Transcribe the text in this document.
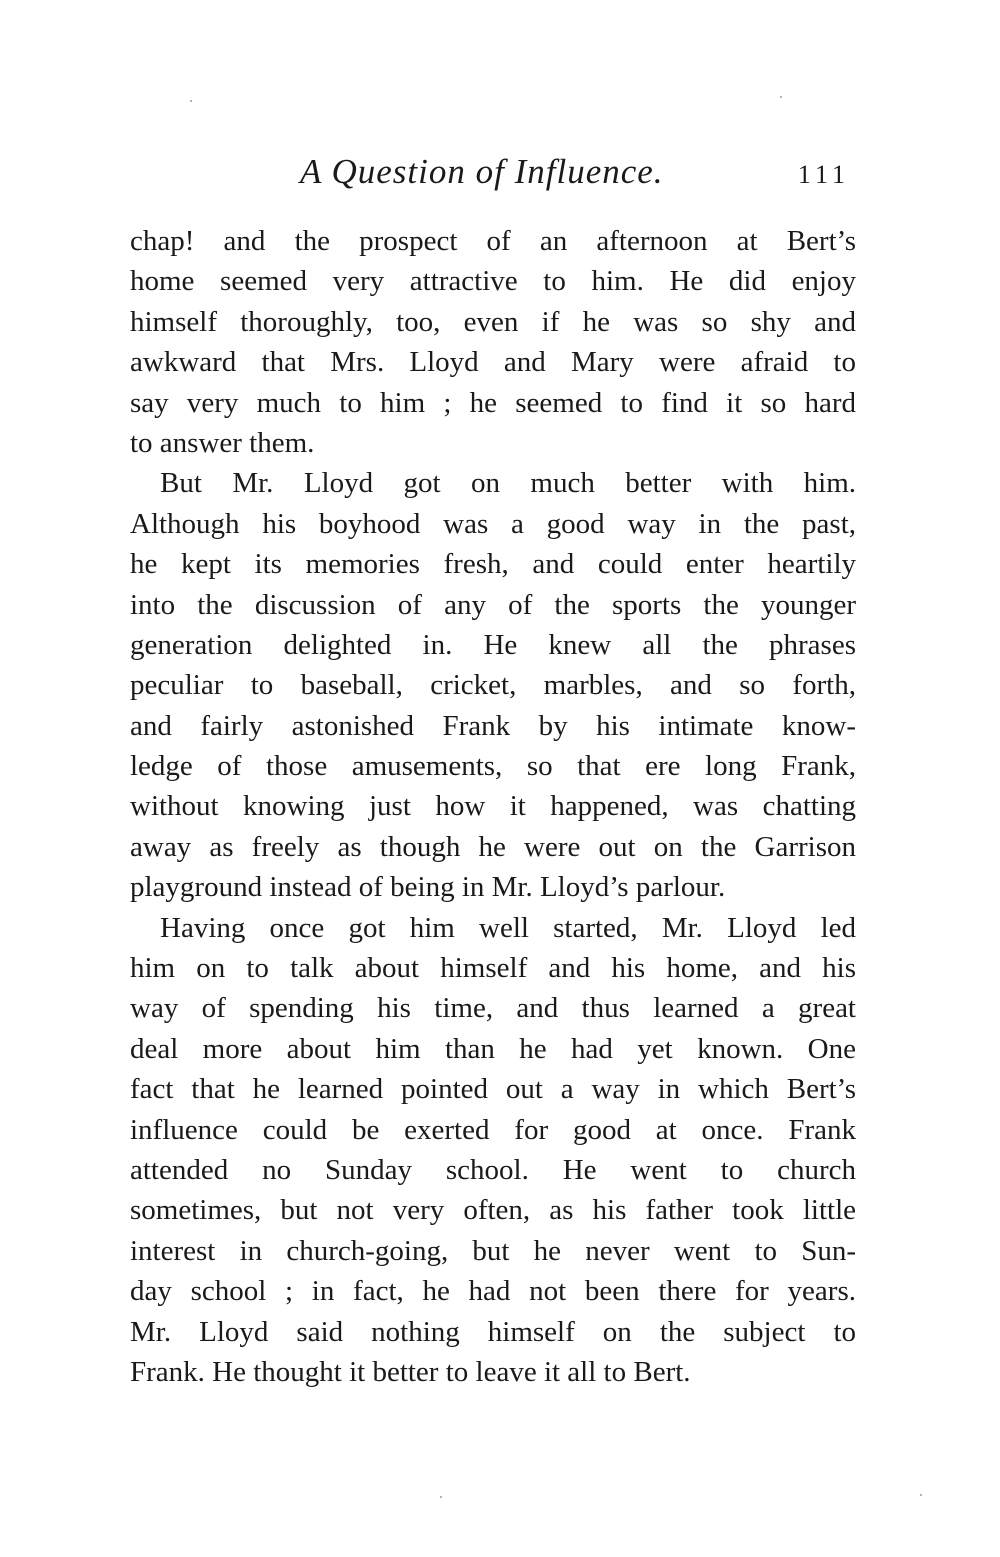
A Question of Influence.	111
chap! and the prospect of an afternoon at Bert’s
home seemed very attractive to him. He did enjoy
himself thoroughly, too, even if he was so shy and
awkward that Mrs. Lloyd and Mary were afraid to
say very much to him ; he seemed to find it so hard
to answer them.
But Mr. Lloyd got on much better with him.
Although his boyhood was a good way in the past,
he kept its memories fresh, and could enter heartily
into the discussion of any of the sports the younger
generation delighted in. He knew all the phrases
peculiar to baseball, cricket, marbles, and so forth,
and fairly astonished Frank by his intimate know-
ledge of those amusements, so that ere long Frank,
without knowing just how it happened, was chatting
away as freely as though he were out on the Garrison
playground instead of being in Mr. Lloyd’s parlour.
Having once got him well started, Mr. Lloyd led
him on to talk about himself and his home, and his
way of spending his time, and thus learned a great
deal more about him than he had yet known. One
fact that he learned pointed out a way in which Bert’s
influence could be exerted for good at once. Frank
attended no Sunday school. He went to church
sometimes, but not very often, as his father took little
interest in church-going, but he never went to Sun-
day school ; in fact, he had not been there for years.
Mr. Lloyd said nothing himself on the subject to
Frank. He thought it better to leave it all to Bert.
